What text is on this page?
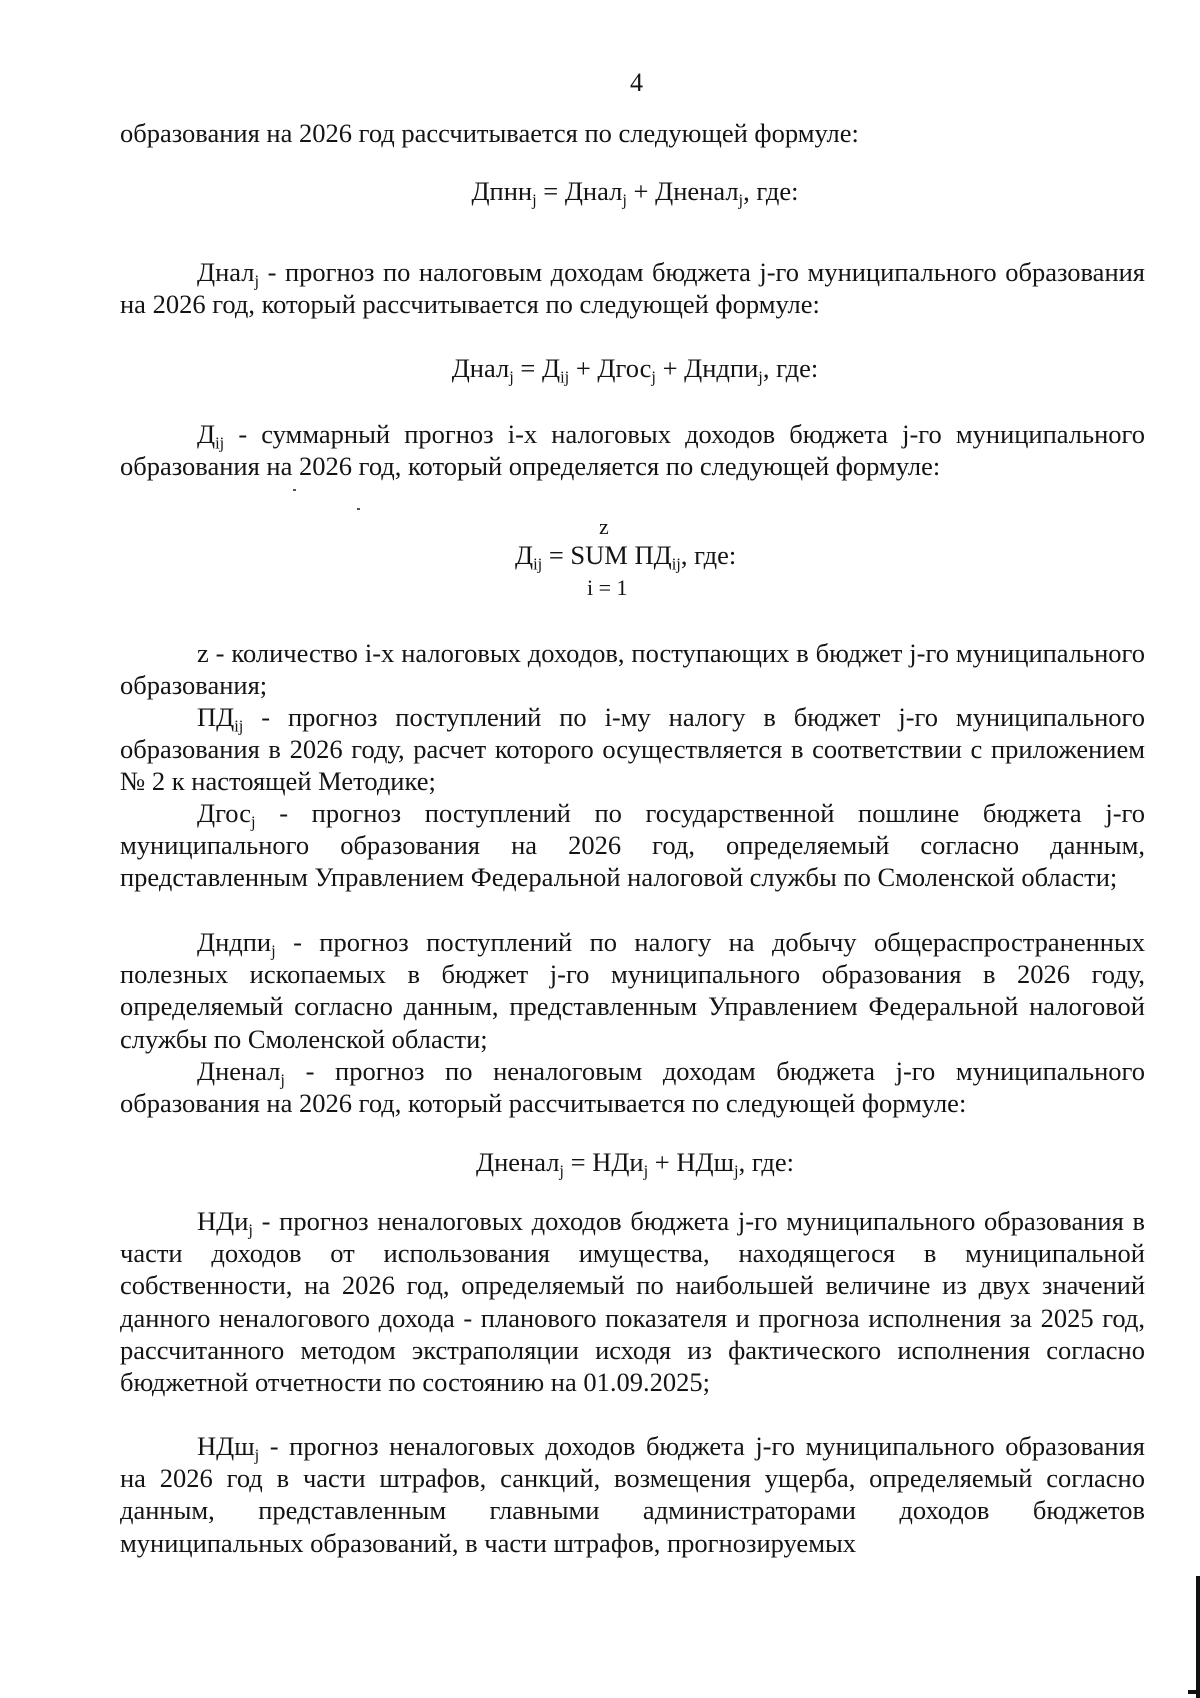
4

образования на 2026 год рассчитывается по следующей формуле:

Дпнн$_j$ = Днал$_j$ + Дненал$_j$, где:

Днал$_j$ - прогноз по налоговым доходам бюджета j-го муниципального образования на 2026 год, который рассчитывается по следующей формуле:

Днал$_j$ = $Д_{ij}$ + Дгос$_j$ + Дндпи$_j$, где:

$Д_{ij}$ - суммарный прогноз i-х налоговых доходов бюджета j-го муниципального образования на 2026 год, который определяется по следующей формуле:

z
$Д_{ij}$ = SUM $ПД_{ij}$, где:
i = 1

z - количество i-х налоговых доходов, поступающих в бюджет j-го муниципального образования;

$ПД_{ij}$ - прогноз поступлений по i-му налогу в бюджет j-го муниципального образования в 2026 году, расчет которого осуществляется в соответствии с приложением № 2 к настоящей Методике;

Дгос$_j$ - прогноз поступлений по государственной пошлине бюджета j-го муниципального образования на 2026 год, определяемый согласно данным, представленным Управлением Федеральной налоговой службы по Смоленской области;

Дндпи$_j$ - прогноз поступлений по налогу на добычу общераспространенных полезных ископаемых в бюджет j-го муниципального образования в 2026 году, определяемый согласно данным, представленным Управлением Федеральной налоговой службы по Смоленской области;

Дненал$_j$ - прогноз по неналоговым доходам бюджета j-го муниципального образования на 2026 год, который рассчитывается по следующей формуле:

Дненал$_j$ = НДи$_j$ + НДш$_j$, где:

НДи$_j$ - прогноз неналоговых доходов бюджета j-го муниципального образования в части доходов от использования имущества, находящегося в муниципальной собственности, на 2026 год, определяемый по наибольшей величине из двух значений данного неналогового дохода - планового показателя и прогноза исполнения за 2025 год, рассчитанного методом экстраполяции исходя из фактического исполнения согласно бюджетной отчетности по состоянию на 01.09.2025;

НДш$_j$ - прогноз неналоговых доходов бюджета j-го муниципального образования на 2026 год в части штрафов, санкций, возмещения ущерба, определяемый согласно данным, представленным главными администраторами доходов бюджетов муниципальных образований, в части штрафов, прогнозируемых
